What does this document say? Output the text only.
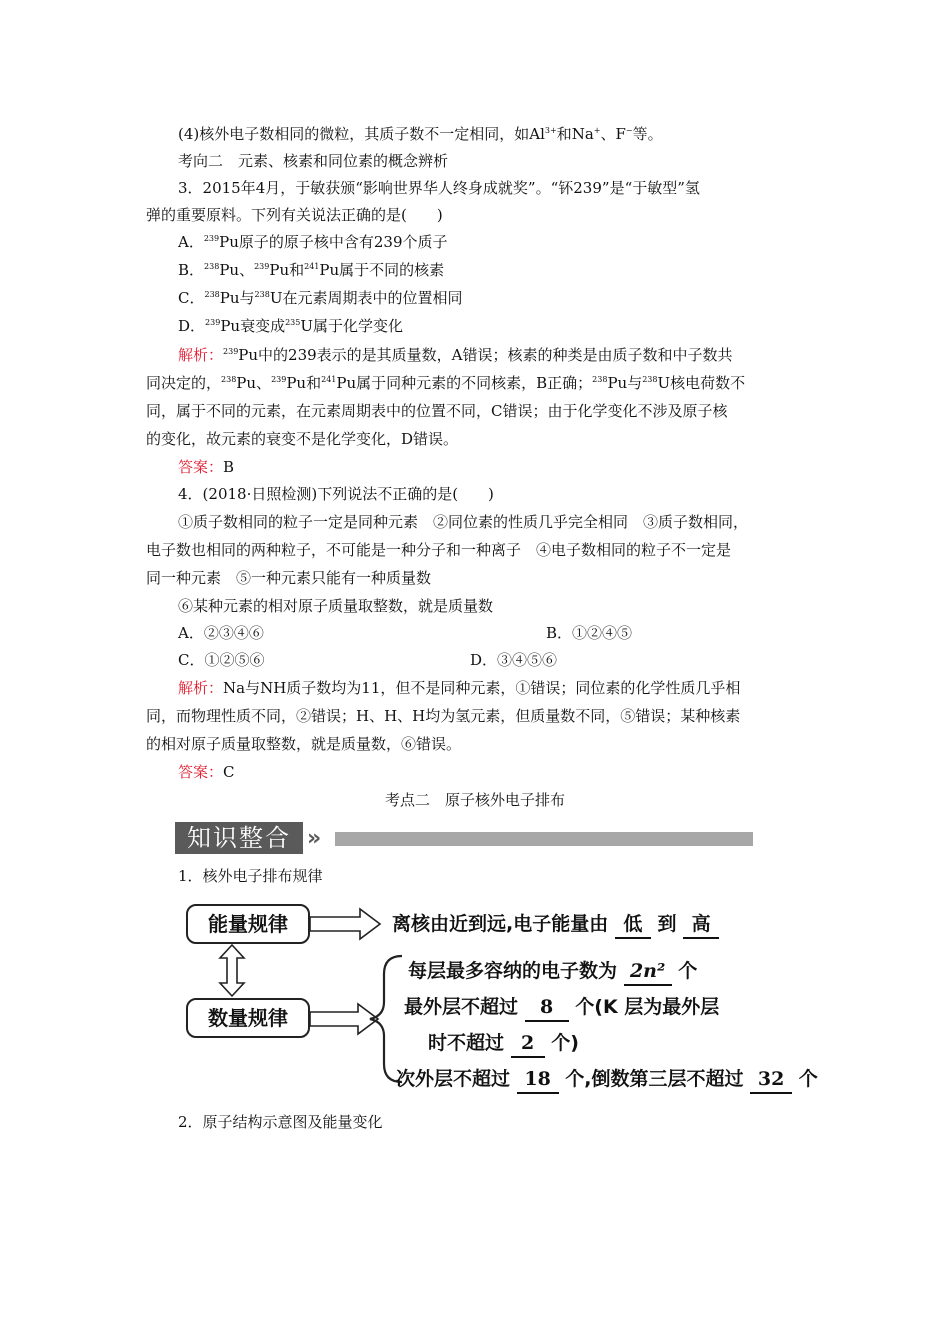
(4)核外电子数相同的微粒，其质子数不一定相同，如$Al^{3+}$和Na+、F−等。
考向二　元素、核素和同位素的概念辨析
3．2015年4月，于敏获颁“影响世界华人终身成就奖”。“钚239”是“于敏型”氢
弹的重要原料。下列有关说法正确的是(　　)
A．$^{239}$Pu原子的原子核中含有239个质子
B．$^{238}$Pu、$^{239}$Pu和$^{241}$Pu属于不同的核素
C．$^{238}$Pu与$^{238}$U在元素周期表中的位置相同
D．$^{239}$Pu衰变成$^{235}$U属于化学变化
解析：$^{239}$Pu中的239表示的是其质量数，A错误；核素的种类是由质子数和中子数共
同决定的，$^{238}$Pu、$^{239}$Pu和$^{241}$Pu属于同种元素的不同核素，B正确；$^{238}$Pu与$^{238}$U核电荷数不
同，属于不同的元素，在元素周期表中的位置不同，C错误；由于化学变化不涉及原子核
的变化，故元素的衰变不是化学变化，D错误。
答案：B
4．(2018·日照检测)下列说法不正确的是(　　)
①质子数相同的粒子一定是同种元素　②同位素的性质几乎完全相同　③质子数相同，
电子数也相同的两种粒子，不可能是一种分子和一种离子　④电子数相同的粒子不一定是
同一种元素　⑤一种元素只能有一种质量数
⑥某种元素的相对原子质量取整数，就是质量数
A．②③④⑥	B．①②④⑤
C．①②⑤⑥	D．③④⑤⑥
解析：Na与NH质子数均为11，但不是同种元素，①错误；同位素的化学性质几乎相
同，而物理性质不同，②错误；H、H、H均为氢元素，但质量数不同，⑤错误；某种核素
的相对原子质量取整数，就是质量数，⑥错误。
答案：C
考点二　原子核外电子排布
知识整合 »
1．核外电子排布规律
能量规律
数量规律
离核由近到远,电子能量由 低 到 高
每层最多容纳的电子数为 2n² 个
最外层不超过 8 个(K 层为最外层
时不超过 2 个)
次外层不超过 18 个,倒数第三层不超过 32 个
2．原子结构示意图及能量变化
